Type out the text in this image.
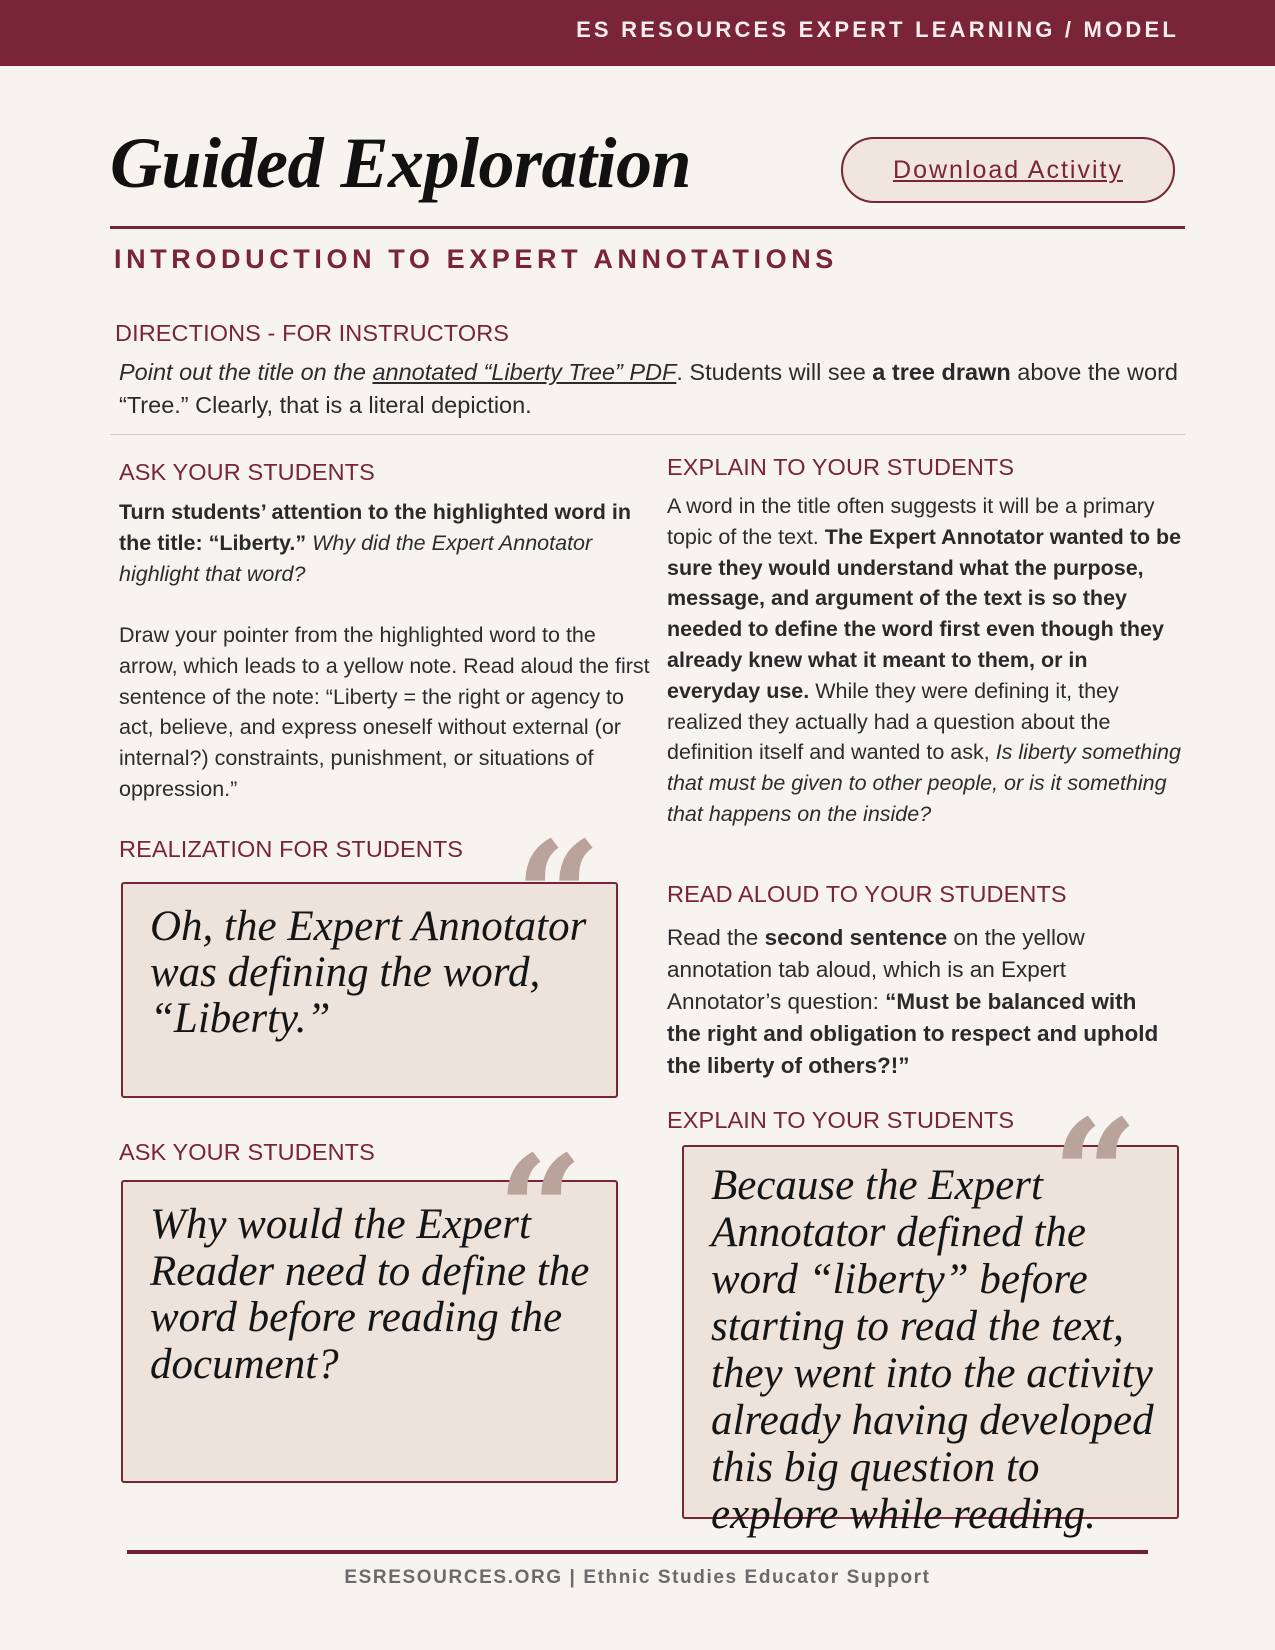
ES RESOURCES EXPERT LEARNING / MODEL
Guided Exploration	Download Activity
INTRODUCTION TO EXPERT ANNOTATIONS
DIRECTIONS - FOR INSTRUCTORS

Point out the title on the annotated “Liberty Tree” PDF. Students will see a tree drawn above the word “Tree.” Clearly, that is a literal depiction.

ASK YOUR STUDENTS

Turn students’ attention to the highlighted word in the title: “Liberty.” Why did the Expert Annotator highlight that word?

Draw your pointer from the highlighted word to the arrow, which leads to a yellow note. Read aloud the first sentence of the note: “Liberty = the right or agency to act, believe, and express oneself without external (or internal?) constraints, punishment, or situations of oppression.”

REALIZATION FOR STUDENTS

Oh, the Expert Annotator was defining the word, “Liberty.”

“
ASK YOUR STUDENTS

Why would the Expert Reader need to define the word before reading the document?

“
EXPLAIN TO YOUR STUDENTS

A word in the title often suggests it will be a primary topic of the text. The Expert Annotator wanted to be sure they would understand what the purpose, message, and argument of the text is so they needed to define the word first even though they already knew what it meant to them, or in everyday use. While they were defining it, they realized they actually had a question about the definition itself and wanted to ask, Is liberty something that must be given to other people, or is it something that happens on the inside?

READ ALOUD TO YOUR STUDENTS

Read the second sentence on the yellow annotation tab aloud, which is an Expert Annotator’s question: “Must be balanced with the right and obligation to respect and uphold the liberty of others?!”

EXPLAIN TO YOUR STUDENTS

Because the Expert Annotator defined the word “liberty” before starting to read the text, they went into the activity already having developed this big question to explore while reading.

“
ESRESOURCES.ORG | Ethnic Studies Educator Support
